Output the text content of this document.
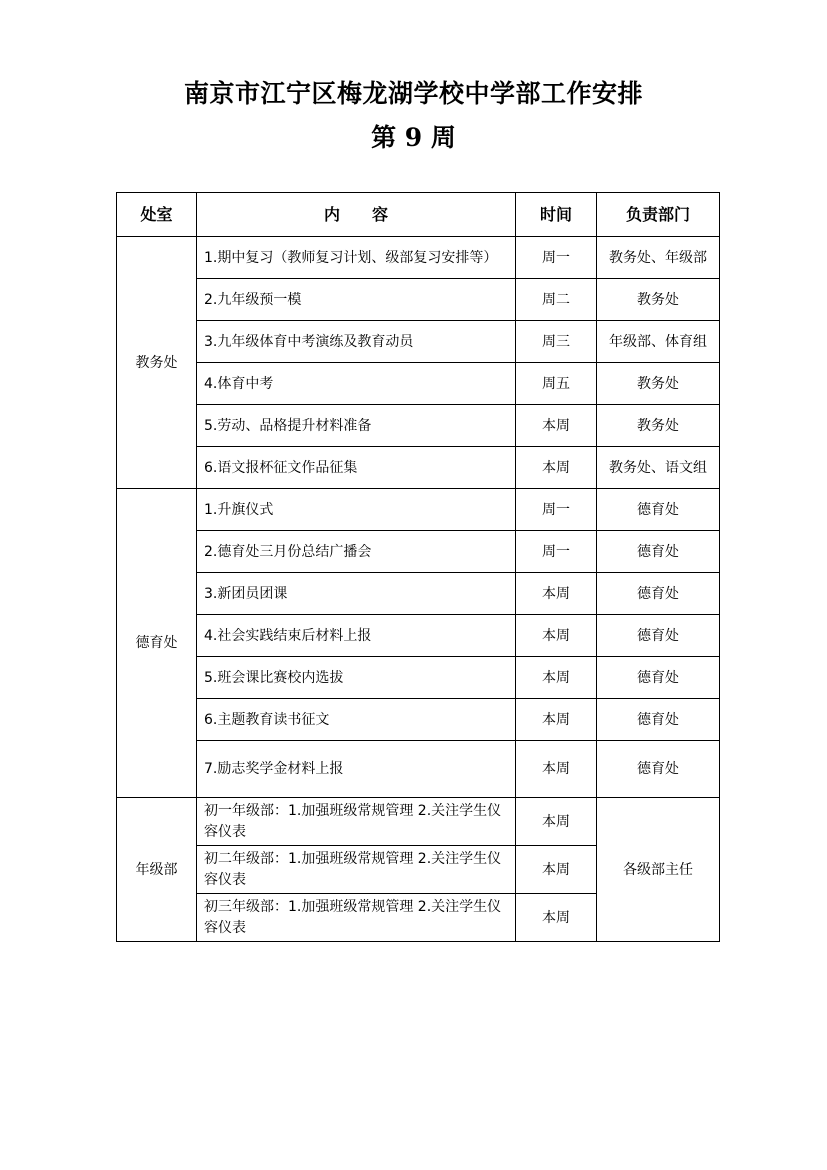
南京市江宁区梅龙湖学校中学部工作安排
第 9 周
处室	内　　容	时间	负责部门
教务处	1.期中复习（教师复习计划、级部复习安排等）	周一	教务处、年级部
	2.九年级预一模	周二	教务处
	3.九年级体育中考演练及教育动员	周三	年级部、体育组
	4.体育中考	周五	教务处
	5.劳动、品格提升材料准备	本周	教务处
	6.语文报杯征文作品征集	本周	教务处、语文组
德育处	1.升旗仪式	周一	德育处
	2.德育处三月份总结广播会	周一	德育处
	3.新团员团课	本周	德育处
	4.社会实践结束后材料上报	本周	德育处
	5.班会课比赛校内选拔	本周	德育处
	6.主题教育读书征文	本周	德育处
	7.励志奖学金材料上报	本周	德育处
年级部	初一年级部：1.加强班级常规管理 2.关注学生仪容仪表	本周	各级部主任
	初二年级部：1.加强班级常规管理 2.关注学生仪容仪表	本周	
	初三年级部：1.加强班级常规管理 2.关注学生仪容仪表	本周	
